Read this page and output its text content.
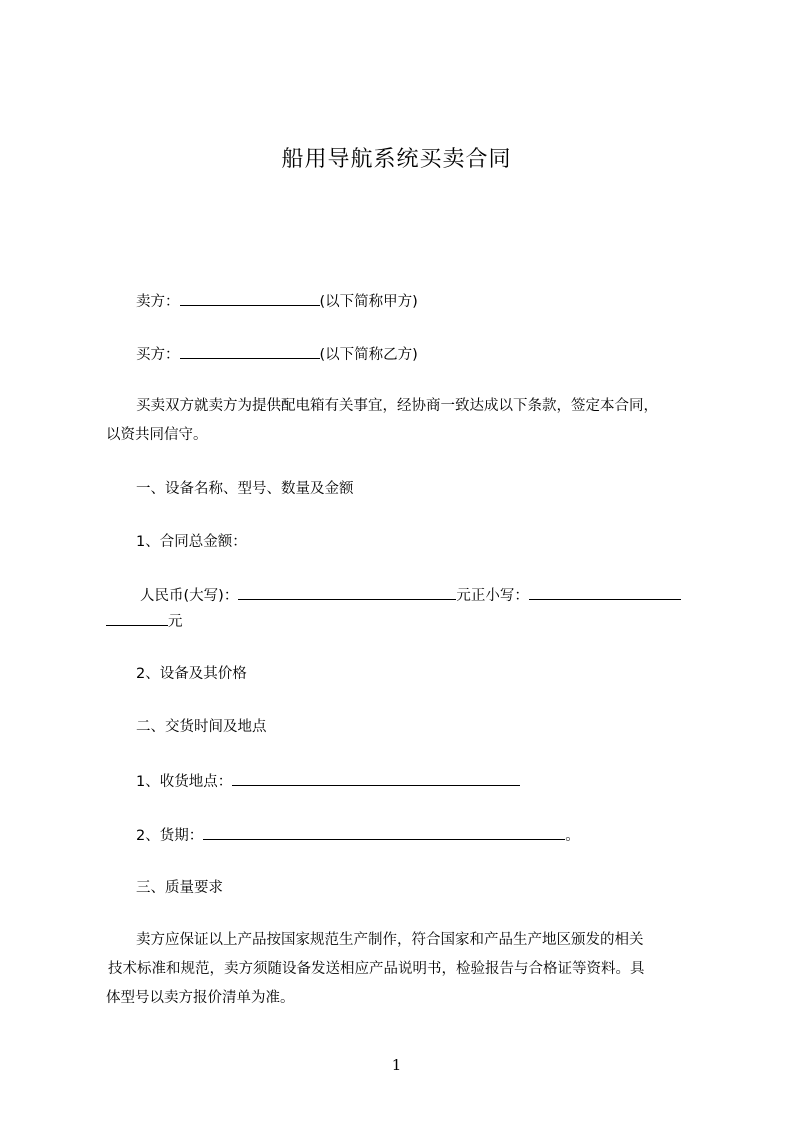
船用导航系统买卖合同
卖方：	(以下简称甲方)
买方：	(以下简称乙方)
买卖双方就卖方为提供配电箱有关事宜，经协商一致达成以下条款，签定本合同，
以资共同信守。
一、设备名称、型号、数量及金额
1、合同总金额：
人民币(大写)：	元正小写：
元
2、设备及其价格
二、交货时间及地点
1、收货地点：
2、货期：	。
三、质量要求
卖方应保证以上产品按国家规范生产制作，符合国家和产品生产地区颁发的相关
技术标准和规范，卖方须随设备发送相应产品说明书，检验报告与合格证等资料。具
体型号以卖方报价清单为准。
1
